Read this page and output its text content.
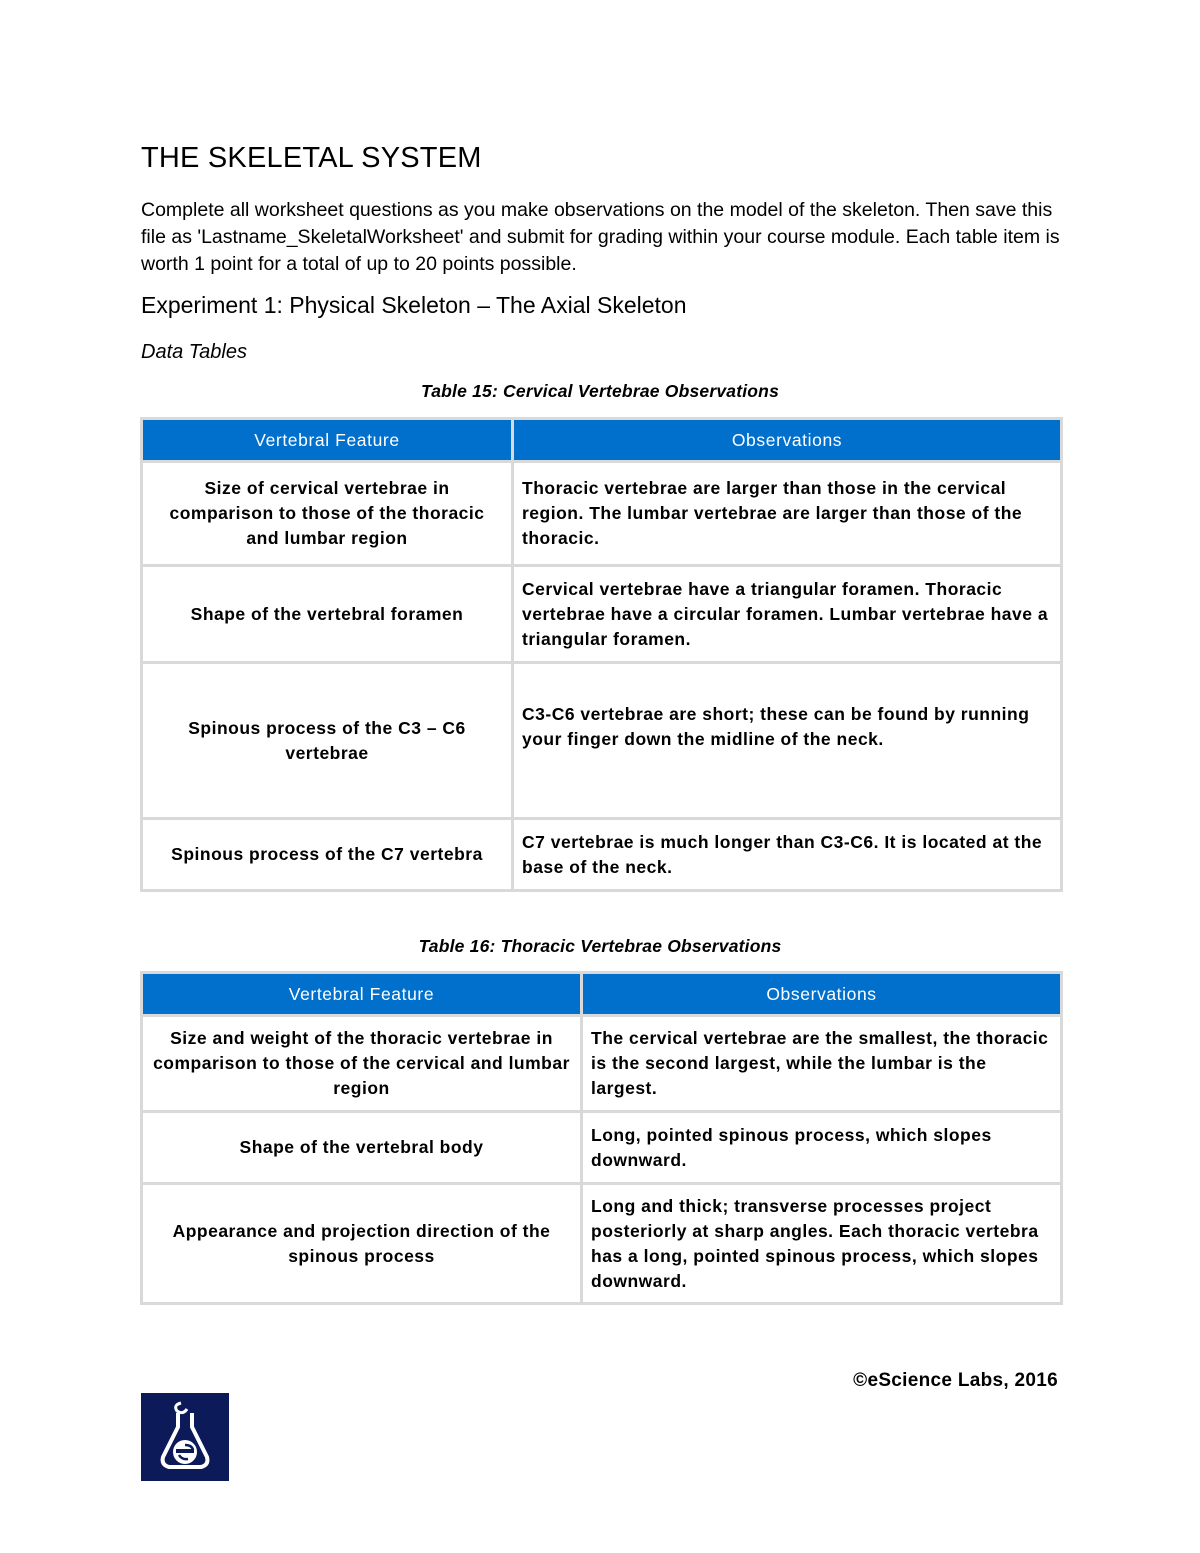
THE SKELETAL SYSTEM

Complete all worksheet questions as you make observations on the model of the skeleton. Then save this file as 'Lastname_SkeletalWorksheet' and submit for grading within your course module. Each table item is worth 1 point for a total of up to 20 points possible.

Experiment 1: Physical Skeleton – The Axial Skeleton

Data Tables

Table 15: Cervical Vertebrae Observations

Vertebral Feature	Observations
Size of cervical vertebrae in comparison to those of the thoracic and lumbar region	Thoracic vertebrae are larger than those in the cervical region. The lumbar vertebrae are larger than those of the thoracic.
Shape of the vertebral foramen	Cervical vertebrae have a triangular foramen. Thoracic vertebrae have a circular foramen. Lumbar vertebrae have a triangular foramen.
Spinous process of the C3 – C6 vertebrae	C3-C6 vertebrae are short; these can be found by running your finger down the midline of the neck.
Spinous process of the C7 vertebra	C7 vertebrae is much longer than C3-C6. It is located at the base of the neck.

Table 16: Thoracic Vertebrae Observations

Vertebral Feature	Observations
Size and weight of the thoracic vertebrae in comparison to those of the cervical and lumbar region	The cervical vertebrae are the smallest, the thoracic is the second largest, while the lumbar is the largest.
Shape of the vertebral body	Long, pointed spinous process, which slopes downward.
Appearance and projection direction of the spinous process	Long and thick; transverse processes project posteriorly at sharp angles. Each thoracic vertebra has a long, pointed spinous process, which slopes downward.

©eScience Labs, 2016
